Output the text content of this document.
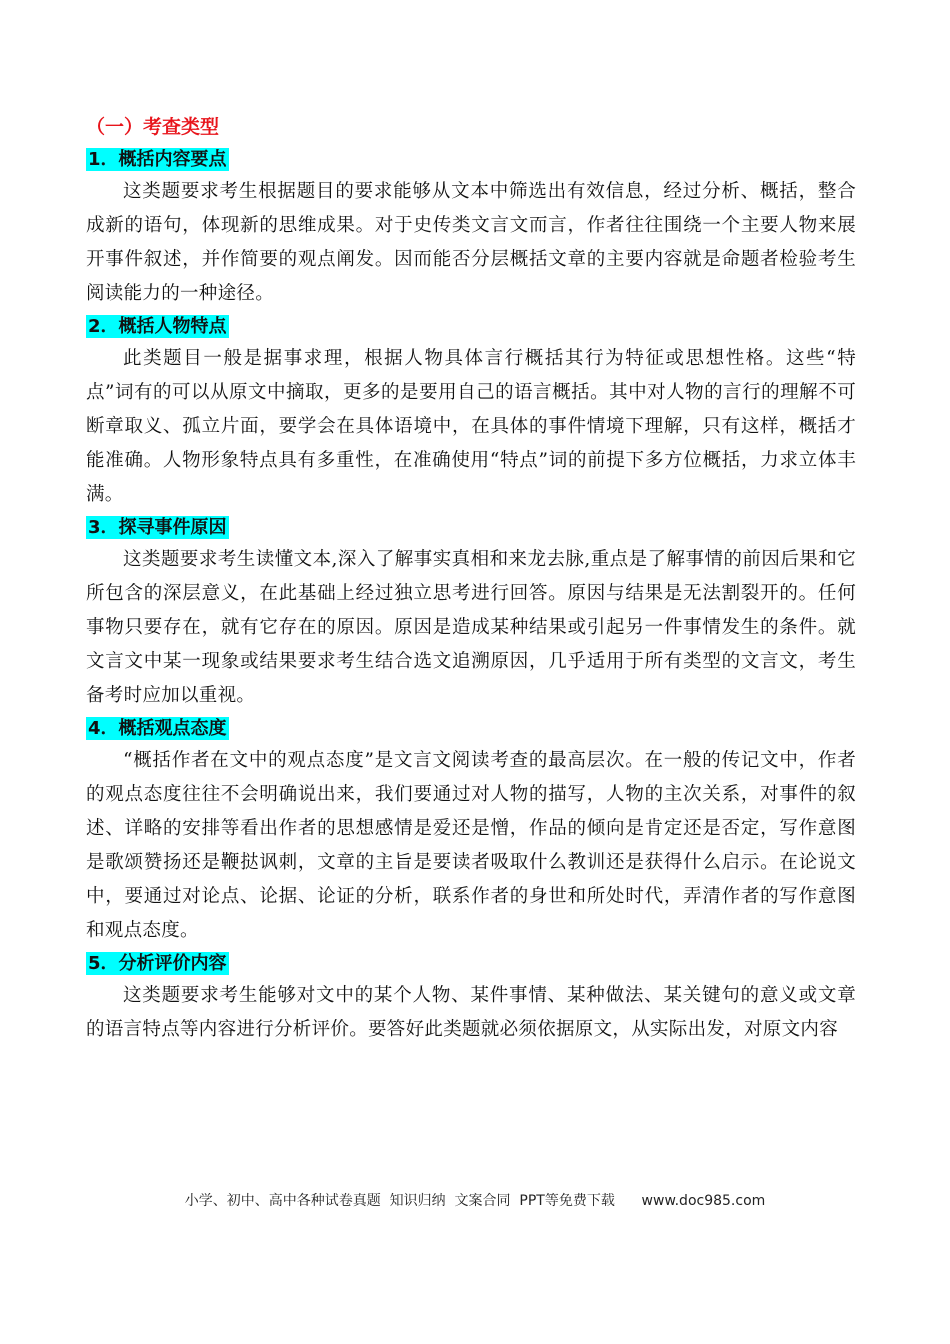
（一）考查类型
1．概括内容要点

这类题要求考生根据题目的要求能够从文本中筛选出有效信息，经过分析、概括，整合成新的语句，体现新的思维成果。对于史传类文言文而言，作者往往围绕一个主要人物来展开事件叙述，并作简要的观点阐发。因而能否分层概括文章的主要内容就是命题者检验考生阅读能力的一种途径。

2．概括人物特点

此类题目一般是据事求理，根据人物具体言行概括其行为特征或思想性格。这些“特点”词有的可以从原文中摘取，更多的是要用自己的语言概括。其中对人物的言行的理解不可断章取义、孤立片面，要学会在具体语境中，在具体的事件情境下理解，只有这样，概括才能准确。人物形象特点具有多重性，在准确使用“特点”词的前提下多方位概括，力求立体丰满。

3．探寻事件原因

这类题要求考生读懂文本,深入了解事实真相和来龙去脉,重点是了解事情的前因后果和它所包含的深层意义，在此基础上经过独立思考进行回答。原因与结果是无法割裂开的。任何事物只要存在，就有它存在的原因。原因是造成某种结果或引起另一件事情发生的条件。就文言文中某一现象或结果要求考生结合选文追溯原因，几乎适用于所有类型的文言文，考生备考时应加以重视。

4．概括观点态度

“概括作者在文中的观点态度”是文言文阅读考查的最高层次。在一般的传记文中，作者的观点态度往往不会明确说出来，我们要通过对人物的描写，人物的主次关系，对事件的叙述、详略的安排等看出作者的思想感情是爱还是憎，作品的倾向是肯定还是否定，写作意图是歌颂赞扬还是鞭挞讽刺，文章的主旨是要读者吸取什么教训还是获得什么启示。在论说文中，要通过对论点、论据、论证的分析，联系作者的身世和所处时代，弄清作者的写作意图和观点态度。

5．分析评价内容

这类题要求考生能够对文中的某个人物、某件事情、某种做法、某关键句的意义或文章的语言特点等内容进行分析评价。要答好此类题就必须依据原文，从实际出发，对原文内容

小学、初中、高中各种试卷真题  知识归纳  文案合同  PPT等免费下载      www.doc985.com
